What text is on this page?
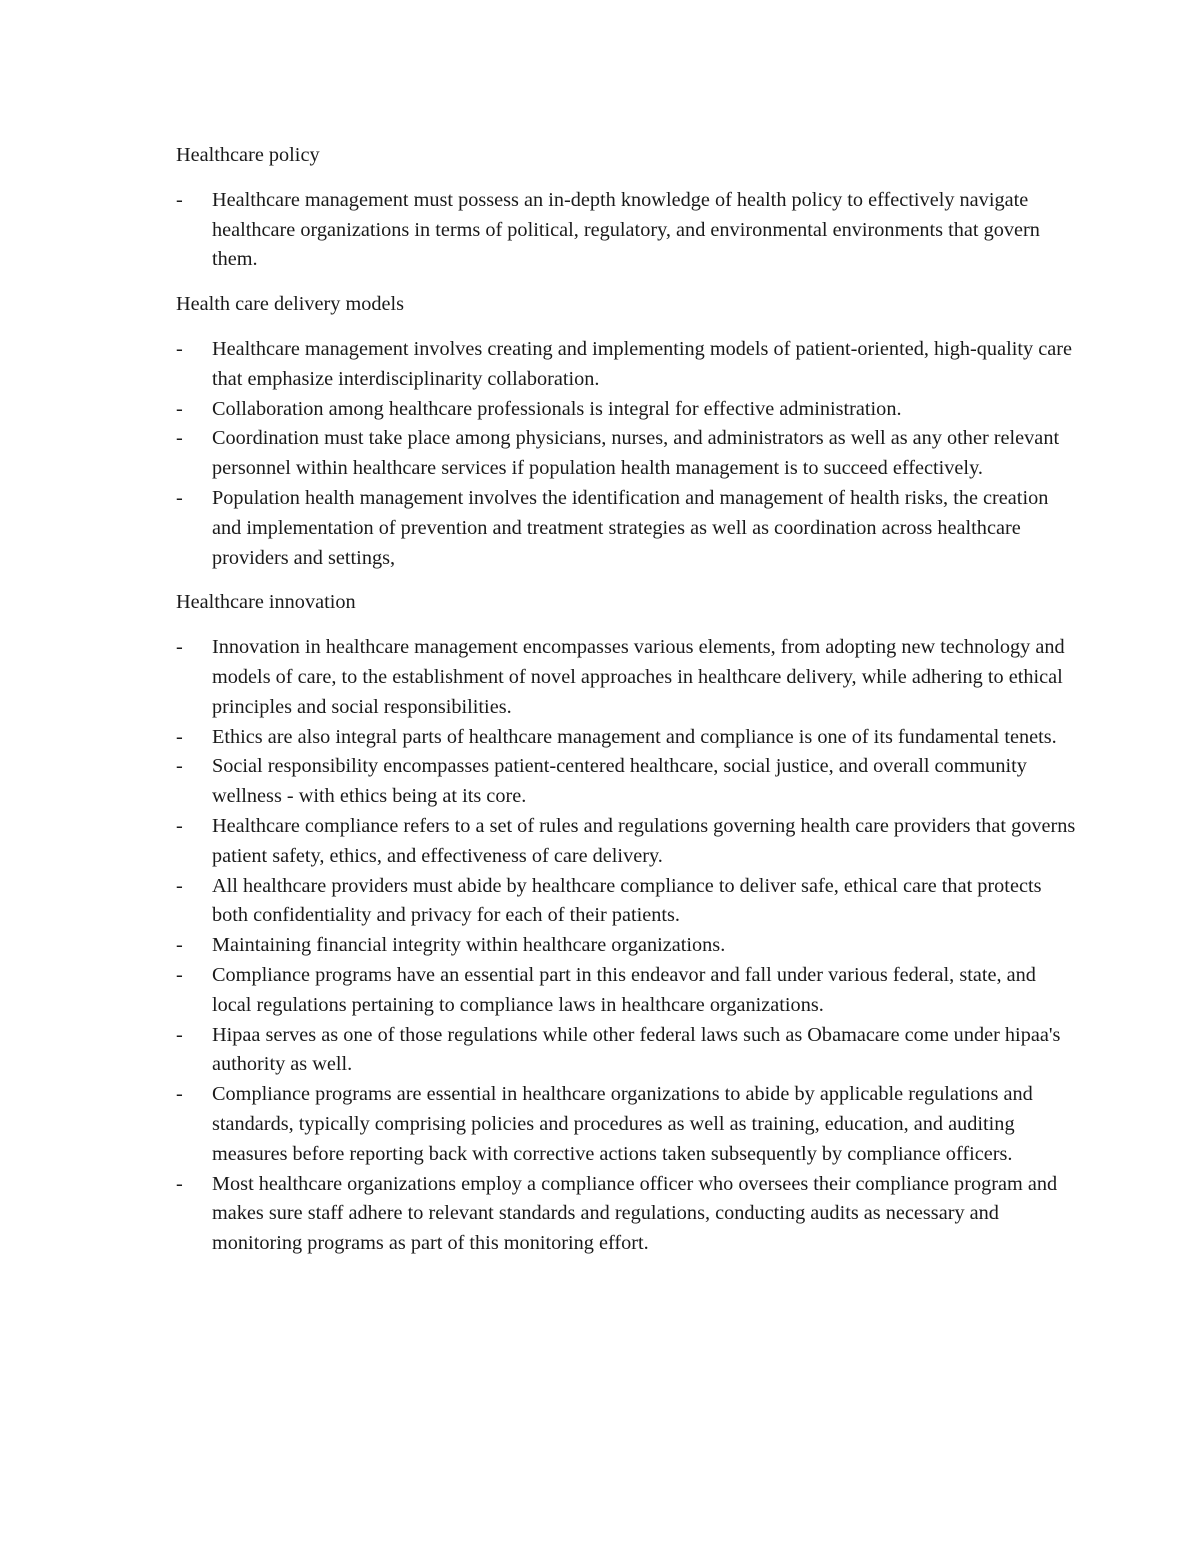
Healthcare policy

- Healthcare management must possess an in-depth knowledge of health policy to effectively navigate healthcare organizations in terms of political, regulatory, and environmental environments that govern them.

Health care delivery models

- Healthcare management involves creating and implementing models of patient-oriented, high-quality care that emphasize interdisciplinarity collaboration.
- Collaboration among healthcare professionals is integral for effective administration.
- Coordination must take place among physicians, nurses, and administrators as well as any other relevant personnel within healthcare services if population health management is to succeed effectively.
- Population health management involves the identification and management of health risks, the creation and implementation of prevention and treatment strategies as well as coordination across healthcare providers and settings,

Healthcare innovation

- Innovation in healthcare management encompasses various elements, from adopting new technology and models of care, to the establishment of novel approaches in healthcare delivery, while adhering to ethical principles and social responsibilities.
- Ethics are also integral parts of healthcare management and compliance is one of its fundamental tenets.
- Social responsibility encompasses patient-centered healthcare, social justice, and overall community wellness - with ethics being at its core.
- Healthcare compliance refers to a set of rules and regulations governing health care providers that governs patient safety, ethics, and effectiveness of care delivery.
- All healthcare providers must abide by healthcare compliance to deliver safe, ethical care that protects both confidentiality and privacy for each of their patients.
- Maintaining financial integrity within healthcare organizations.
- Compliance programs have an essential part in this endeavor and fall under various federal, state, and local regulations pertaining to compliance laws in healthcare organizations.
- Hipaa serves as one of those regulations while other federal laws such as Obamacare come under hipaa's authority as well.
- Compliance programs are essential in healthcare organizations to abide by applicable regulations and standards, typically comprising policies and procedures as well as training, education, and auditing measures before reporting back with corrective actions taken subsequently by compliance officers.
- Most healthcare organizations employ a compliance officer who oversees their compliance program and makes sure staff adhere to relevant standards and regulations, conducting audits as necessary and monitoring programs as part of this monitoring effort.
